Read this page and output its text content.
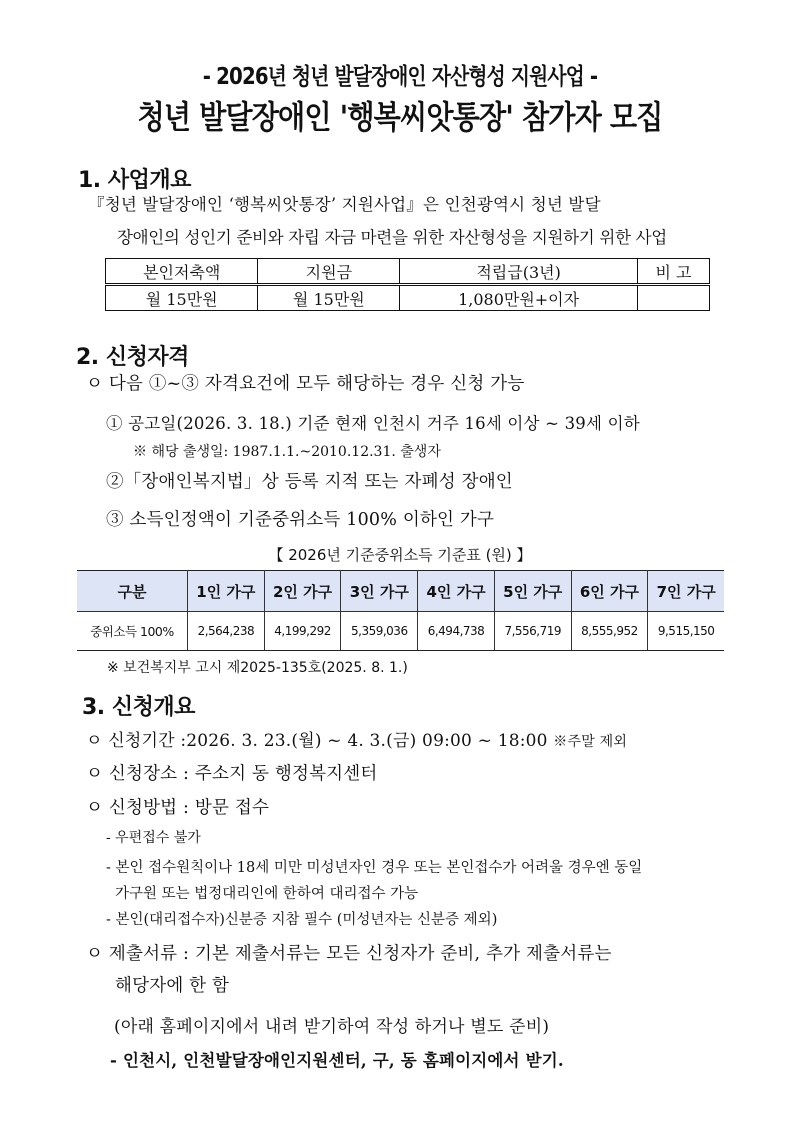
- 2026년 청년 발달장애인 자산형성 지원사업 -
청년 발달장애인 '행복씨앗통장' 참가자 모집
1. 사업개요
『청년 발달장애인 ‘행복씨앗통장’ 지원사업』은 인천광역시 청년 발달
장애인의 성인기 준비와 자립 자금 마련을 위한 자산형성을 지원하기 위한 사업
본인저축액	지원금	적립급(3년)	비 고
월 15만원	월 15만원	1,080만원+이자	
2. 신청자격
ㅇ 다음 ①~③ 자격요건에 모두 해당하는 경우 신청 가능
① 공고일(2026. 3. 18.) 기준 현재 인천시 거주 16세 이상 ~ 39세 이하
※ 해당 출생일: 1987.1.1.~2010.12.31. 출생자
②「장애인복지법」상 등록 지적 또는 자폐성 장애인
③ 소득인정액이 기준중위소득 100% 이하인 가구
【 2026년 기준중위소득 기준표 (원) 】
구분	1인 가구	2인 가구	3인 가구	4인 가구	5인 가구	6인 가구	7인 가구
중위소득 100%	2,564,238	4,199,292	5,359,036	6,494,738	7,556,719	8,555,952	9,515,150
※ 보건복지부 고시 제2025-135호(2025. 8. 1.)
3. 신청개요
ㅇ 신청기간 :2026. 3. 23.(월) ~ 4. 3.(금) 09:00 ~ 18:00 ※주말 제외
ㅇ 신청장소 : 주소지 동 행정복지센터
ㅇ 신청방법 : 방문 접수
- 우편접수 불가
- 본인 접수원칙이나 18세 미만 미성년자인 경우 또는 본인접수가 어려울 경우엔 동일
가구원 또는 법정대리인에 한하여 대리접수 가능
- 본인(대리접수자)신분증 지참 필수 (미성년자는 신분증 제외)
ㅇ 제출서류 : 기본 제출서류는 모든 신청자가 준비, 추가 제출서류는
해당자에 한 함
(아래 홈페이지에서 내려 받기하여 작성 하거나 별도 준비)
- 인천시, 인천발달장애인지원센터, 구, 동 홈페이지에서 받기.
